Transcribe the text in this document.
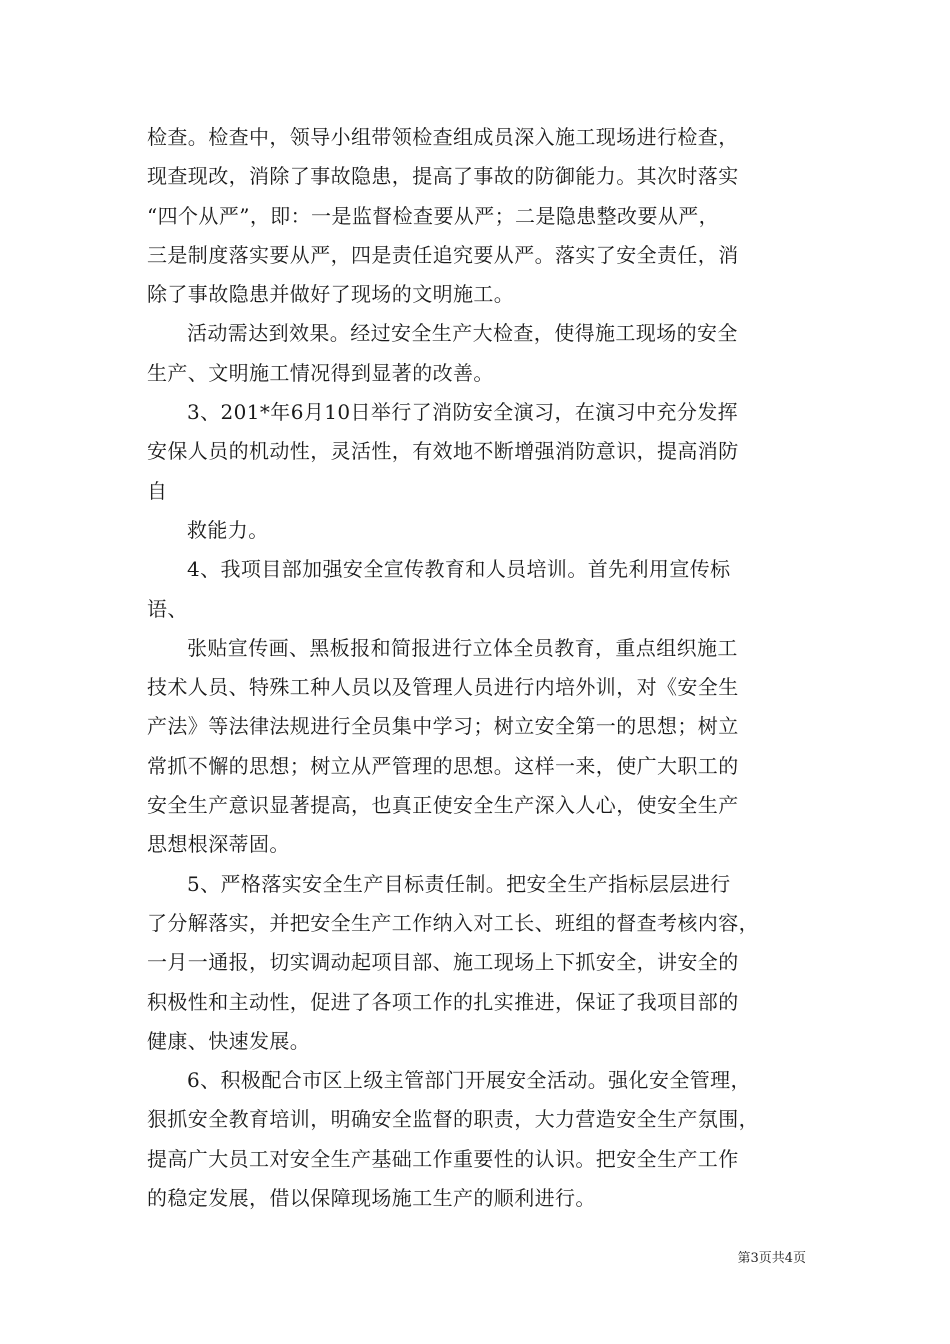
检查。检查中，领导小组带领检查组成员深入施工现场进行检查，
现查现改，消除了事故隐患，提高了事故的防御能力。其次时落实
“四个从严”，即：一是监督检查要从严；二是隐患整改要从严，
三是制度落实要从严，四是责任追究要从严。落实了安全责任，消
除了事故隐患并做好了现场的文明施工。
活动需达到效果。经过安全生产大检查，使得施工现场的安全
生产、文明施工情况得到显著的改善。
3、201*年6月10日举行了消防安全演习，在演习中充分发挥
安保人员的机动性，灵活性，有效地不断增强消防意识，提高消防
自
救能力。
4、我项目部加强安全宣传教育和人员培训。首先利用宣传标
语、
张贴宣传画、黑板报和简报进行立体全员教育，重点组织施工
技术人员、特殊工种人员以及管理人员进行内培外训，对《安全生
产法》等法律法规进行全员集中学习；树立安全第一的思想；树立
常抓不懈的思想；树立从严管理的思想。这样一来，使广大职工的
安全生产意识显著提高，也真正使安全生产深入人心，使安全生产
思想根深蒂固。
5、严格落实安全生产目标责任制。把安全生产指标层层进行
了分解落实，并把安全生产工作纳入对工长、班组的督查考核内容，
一月一通报，切实调动起项目部、施工现场上下抓安全，讲安全的
积极性和主动性，促进了各项工作的扎实推进，保证了我项目部的
健康、快速发展。
6、积极配合市区上级主管部门开展安全活动。强化安全管理，
狠抓安全教育培训，明确安全监督的职责，大力营造安全生产氛围，
提高广大员工对安全生产基础工作重要性的认识。把安全生产工作
的稳定发展，借以保障现场施工生产的顺利进行。
第3页共4页
